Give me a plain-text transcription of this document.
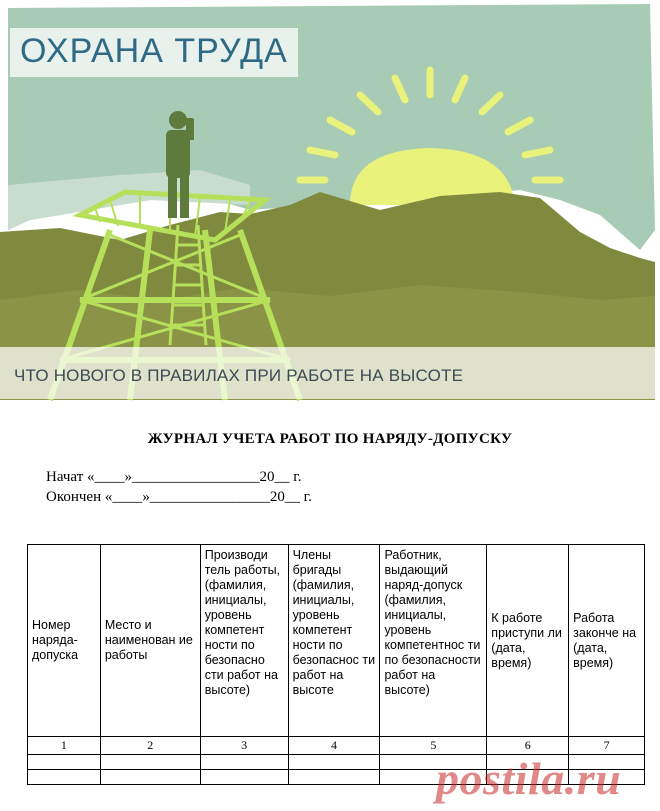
ОХРАНА ТРУДА
ЧТО НОВОГО В ПРАВИЛАХ ПРИ РАБОТЕ НА ВЫСОТЕ
ЖУРНАЛ УЧЕТА РАБОТ ПО НАРЯДУ-ДОПУСКУ
Начат «____»_________________20__ г.
Окончен «____»________________20__ г.
Номер наряда-допуска	Место и наименован ие работы	Производи тель работы, (фамилия, инициалы, уровень компетент ности по безопасно сти работ на высоте)	Члены бригады (фамилия, инициалы, уровень компетент ности по безопаснос ти работ на высоте	Работник, выдающий наряд-допуск (фамилия, инициалы, уровень компетентнос ти по безопасности работ на высоте)	К работе приступи ли (дата, время)	Работа законче на (дата, время)
1	2	3	4	5	6	7

postila.ru
